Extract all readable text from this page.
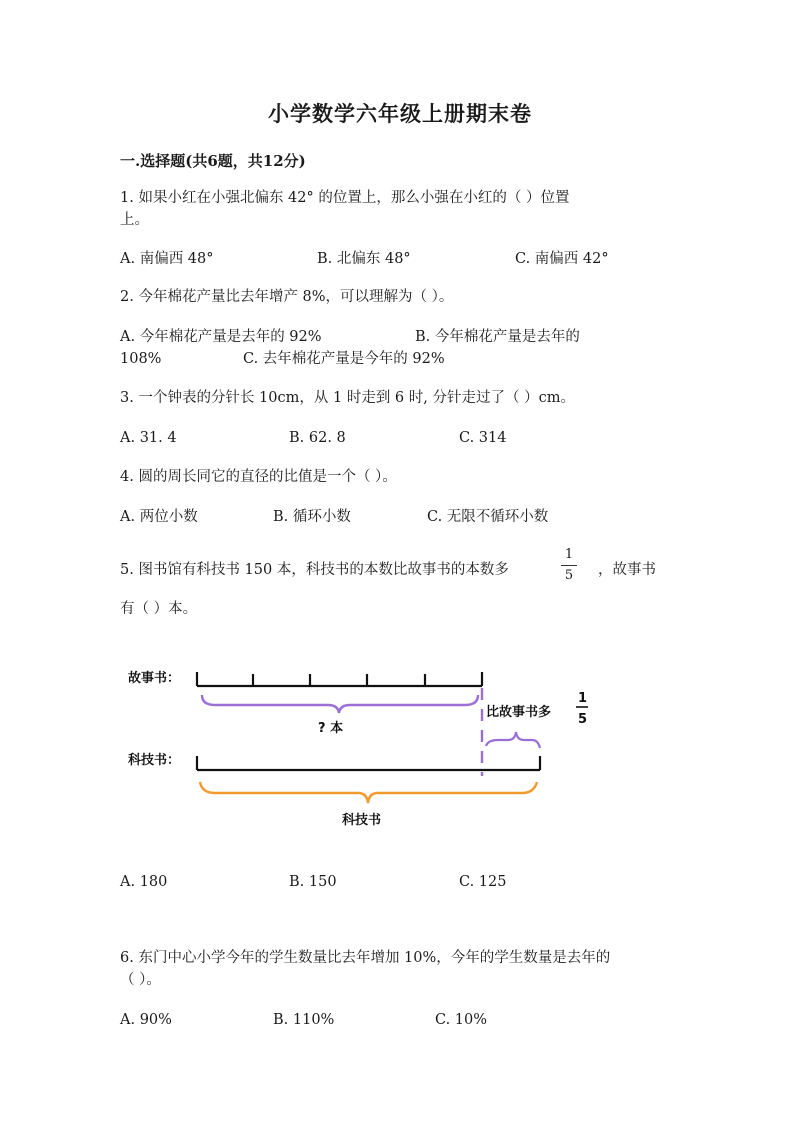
小学数学六年级上册期末卷
一.选择题(共6题，共12分)
1. 如果小红在小强北偏东 42° 的位置上，那么小强在小红的（ ）位置
上。
A. 南偏西 48°	B. 北偏东 48°	C. 南偏西 42°
2. 今年棉花产量比去年增产 8%，可以理解为（ ）。
A. 今年棉花产量是去年的 92%	B. 今年棉花产量是去年的
108%	C. 去年棉花产量是今年的 92%
3. 一个钟表的分针长 10cm，从 1 时走到 6 时, 分针走过了（ ）cm。
A. 31. 4	B. 62. 8	C. 314
4. 圆的周长同它的直径的比值是一个（ ）。
A. 两位小数	B. 循环小数	C. 无限不循环小数
5. 图书馆有科技书 150 本，科技书的本数比故事书的本数多
1
5	，故事书
有（ ）本。
故事书：
? 本
比故事书多
1
5
科技书：
科技书
A. 180	B. 150	C. 125
6. 东门中心小学今年的学生数量比去年增加 10%，今年的学生数量是去年的
（ ）。
A. 90%	B. 110%	C. 10%
